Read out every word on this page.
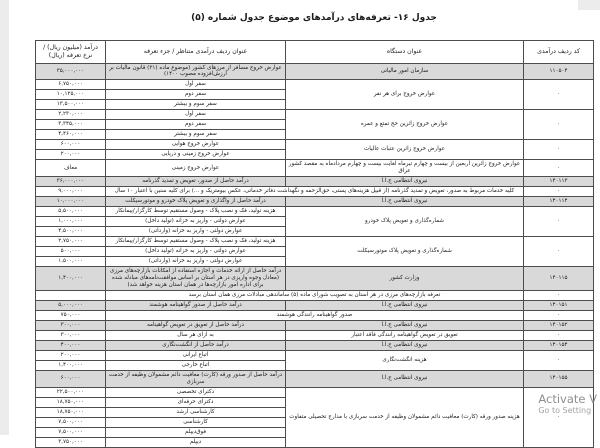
جدول ۱۶- تعرفه‌های درآمدهای موضوع جدول شماره (۵)
کد ردیف درآمدی	عنوان دستگاه	عنوان ردیف درآمدی متناظر / جزء تعرفه	درآمد (میلیون ریال) / نرخ تعرفه (ریال)
۱۱۰۵۰۴	سازمان امور مالیاتی	عوارض خروج مسافر از مرزهای کشور (موضوع ماده (۳۱) قانون مالیات بر ارزش‌افزوده مصوب ۱۴۰۰)	۳۵,۰۰۰,۰۰۰
۰	عوارض خروج برای هر نفر	سفر اول	۶,۷۵۰,۰۰۰
		سفر دوم	۱۰,۱۲۵,۰۰۰
		سفر سوم و بیشتر	۱۳,۵۰۰,۰۰۰
۰	عوارض خروج زائرین حج تمتع و عمره	سفر اول	۲,۲۳۰,۰۰۰
		سفر دوم	۳,۳۴۵,۰۰۰
		سفر سوم و بیشتر	۴,۴۶۰,۰۰۰
۰	عوارض خروج زائرین عتبات عالیات	عوارض خروج هوایی	۶۰۰,۰۰۰
		عوارض خروج زمینی و دریایی	۲۰۰,۰۰۰
۰	عوارض خروج زائرین اربعین از بیست و چهارم تیرماه لغایت بیست و چهارم مردادماه به مقصد کشور عراق	عوارض خروج زمینی	معاف
۱۴۰۱۱۳	نیروی انتظامی ج.ا.ا	درآمد حاصل از صدور، تعویض و تمدید گذرنامه	۳۶,۰۰۰,۰۰۰
۰	کلیه خدمات مربوط به صدور، تعویض و تمدید گذرنامه (از قبیل هزینه‌های پستی، حق‌الزحمه و نگهداشت دفاتر خدماتی، عکس بیومتریک و ...) برای کلیه سنین با اعتبار ۱۰ سال		۹,۰۰۰,۰۰۰
۱۴۰۱۱۴	نیروی انتظامی ج.ا.ا	درآمد حاصل از واگذاری و تعویض پلاک خودرو و موتورسیکلت	۱۰,۰۰۰,۰۰۰
۰	شماره‌گذاری و تعویض پلاک خودرو	هزینه تولید، فک و نصب پلاک - وصول مستقیم توسط کارگزار/پیمانکار	۵,۵۰۰,۰۰۰
		عوارض دولتی - واریز به خزانه (تولید داخل)	۱,۰۰۰,۰۰۰
		عوارض دولتی - واریز به خزانه (وارداتی)	۴,۵۰۰,۰۰۰
۰	شماره‌گذاری و تعویض پلاک موتورسیکلت	هزینه تولید، فک و نصب پلاک - وصول مستقیم توسط کارگزار/پیمانکار	۲,۷۵۰,۰۰۰
		عوارض دولتی - واریز به خزانه (تولید داخل)	۵۰۰,۰۰۰
		عوارض دولتی - واریز به خزانه (وارداتی)	۱,۵۰۰,۰۰۰
۱۴۰۱۱۵	وزارت کشور	درآمد حاصل از ارائه خدمات و اجازه استفاده از امکانات بازارچه‌های مرزی (معادل وجوه واریزی در هر استان بر اساس موافقت‌نامه‌های مبادله شده برای اداره امور بازارچه‌ها در همان استان هزینه خواهد شد)	۱,۴۰۰,۰۰۰
۰	تعرفه بازارچه‌های مرزی در هر استان به تصویب شورای ماده (۵) ساماندهی مبادلات مرزی همان استان برسد		
۱۴۰۱۵۱	نیروی انتظامی ج.ا.ا	درآمد حاصل از صدور گواهینامه هوشمند	۵,۰۰۰,۰۰۰
۰	صدور گواهینامه رانندگی هوشمند		۷۵۰,۰۰۰
۱۴۰۱۵۲	نیروی انتظامی ج.ا.ا	درآمد حاصل از تعویق در تعویض گواهینامه	۳۰۰,۰۰۰
۰	تعویق در تعویض گواهینامه رانندگی فاقد اعتبار	به ازای هر سال	۳۰۰,۰۰۰
۱۴۰۱۵۴	نیروی انتظامی ج.ا.ا	درآمد حاصل از انگشت‌نگاری	۴۰۰,۰۰۰
۰	هزینه انگشت‌نگاری	اتباع ایرانی	۲۰۰,۰۰۰
		اتباع خارجی	۱,۴۰۰,۰۰۰
۱۴۰۱۵۵	نیروی انتظامی ج.ا.ا	درآمد حاصل از صدور ورقه (کارت) معافیت دائم مشمولان وظیفه از خدمت سربازی	۶۰۰,۰۰۰
۰	هزینه صدور ورقه (کارت) معافیت دائم مشمولان وظیفه از خدمت سربازی با مدارج تحصیلی متفاوت	دکترای تخصصی	۲۲,۵۰۰,۰۰۰
		دکترای حرفه‌ای	۱۸,۷۵۰,۰۰۰
		کارشناسی ارشد	۱۸,۷۵۰,۰۰۰
		کارشناسی	۷,۵۰۰,۰۰۰
		فوق‌دیپلم	۷,۵۰۰,۰۰۰
		دیپلم	۳,۷۵۰,۰۰۰
Activate V
Go to Setting
